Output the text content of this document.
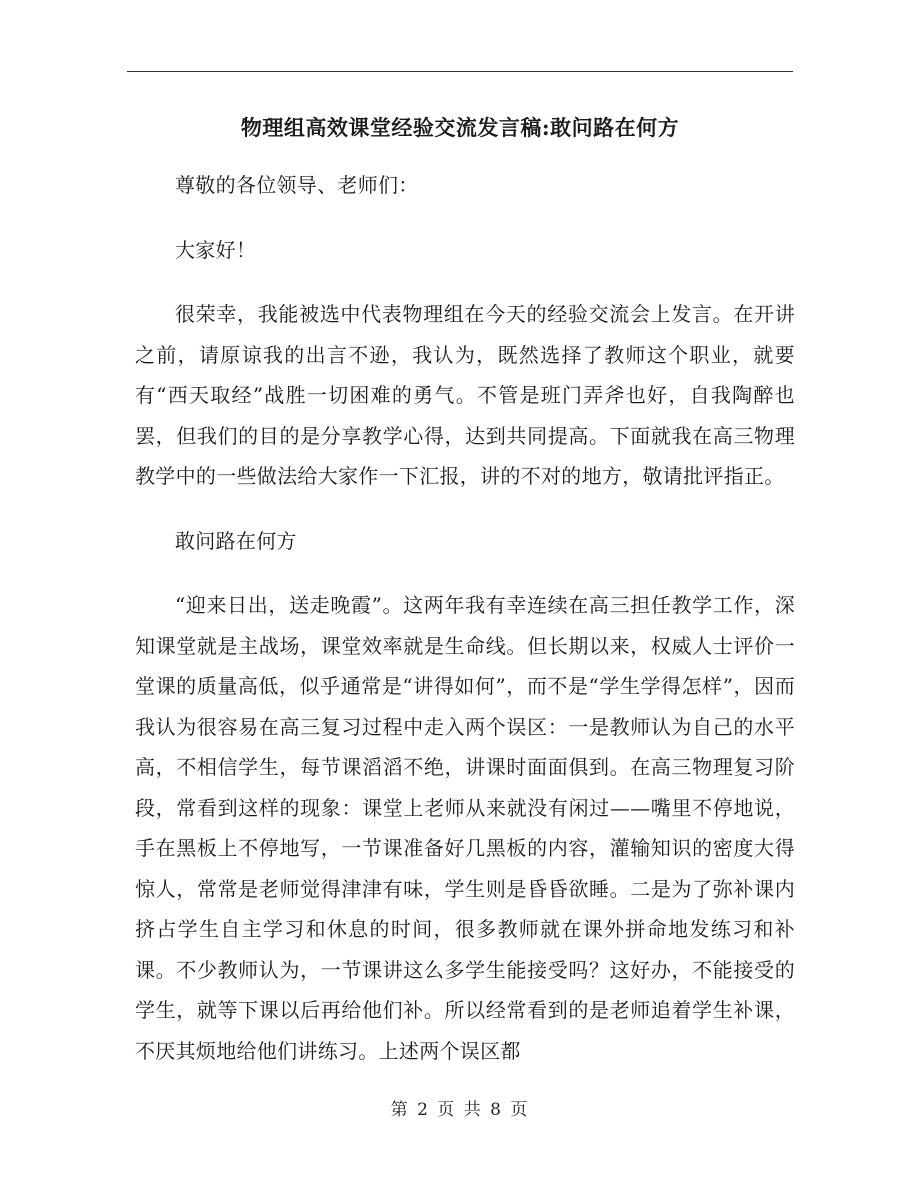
物理组高效课堂经验交流发言稿:敢问路在何方

尊敬的各位领导、老师们：

大家好！

很荣幸，我能被选中代表物理组在今天的经验交流会上发言。在开讲之前，请原谅我的出言不逊，我认为，既然选择了教师这个职业，就要有“西天取经”战胜一切困难的勇气。不管是班门弄斧也好，自我陶醉也罢，但我们的目的是分享教学心得，达到共同提高。下面就我在高三物理教学中的一些做法给大家作一下汇报，讲的不对的地方，敬请批评指正。

敢问路在何方

“迎来日出，送走晚霞”。这两年我有幸连续在高三担任教学工作，深知课堂就是主战场，课堂效率就是生命线。但长期以来，权威人士评价一堂课的质量高低，似乎通常是“讲得如何”，而不是“学生学得怎样”，因而我认为很容易在高三复习过程中走入两个误区：一是教师认为自己的水平高，不相信学生，每节课滔滔不绝，讲课时面面俱到。在高三物理复习阶段，常看到这样的现象：课堂上老师从来就没有闲过——嘴里不停地说，手在黑板上不停地写，一节课准备好几黑板的内容，灌输知识的密度大得惊人，常常是老师觉得津津有味，学生则是昏昏欲睡。二是为了弥补课内挤占学生自主学习和休息的时间，很多教师就在课外拼命地发练习和补课。不少教师认为，一节课讲这么多学生能接受吗？这好办，不能接受的学生，就等下课以后再给他们补。所以经常看到的是老师追着学生补课，不厌其烦地给他们讲练习。上述两个误区都

第 2 页 共 8 页
